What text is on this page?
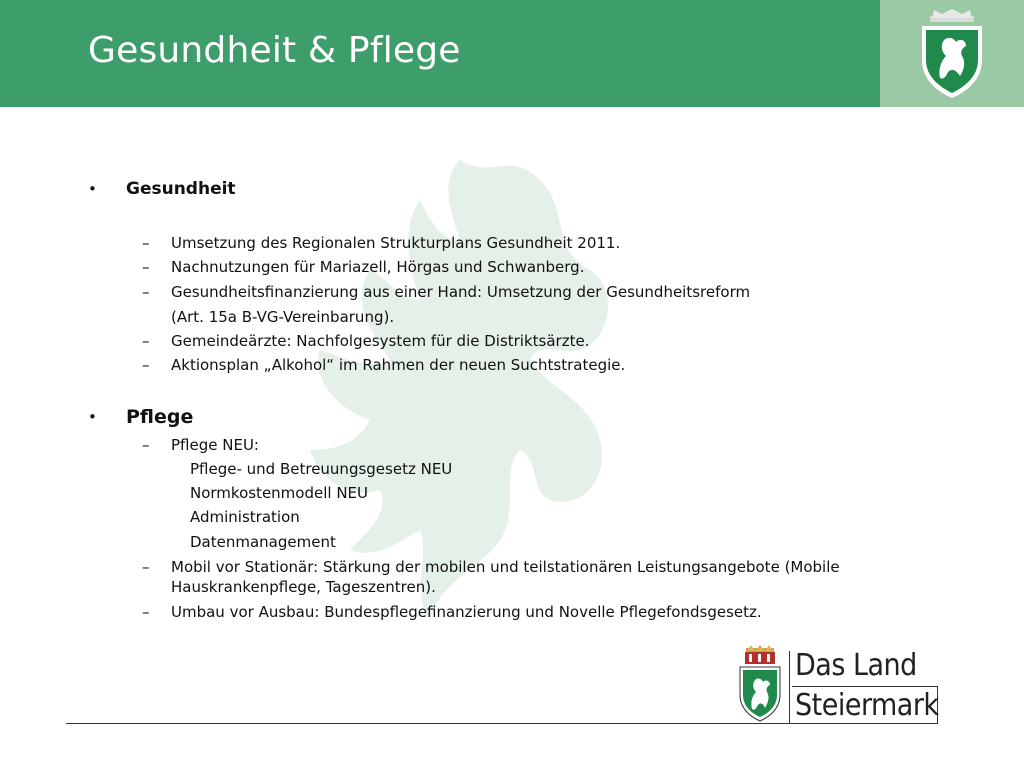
Gesundheit & Pflege
• Gesundheit
– Umsetzung des Regionalen Strukturplans Gesundheit 2011.
– Nachnutzungen für Mariazell, Hörgas und Schwanberg.
– Gesundheitsfinanzierung aus einer Hand: Umsetzung der Gesundheitsreform
(Art. 15a B-VG-Vereinbarung).
– Gemeindeärzte: Nachfolgesystem für die Distriktsärzte.
– Aktionsplan „Alkohol“ im Rahmen der neuen Suchtstrategie.
• Pflege
– Pflege NEU:
Pflege- und Betreuungsgesetz NEU
Normkostenmodell NEU
Administration
Datenmanagement
– Mobil vor Stationär: Stärkung der mobilen und teilstationären Leistungsangebote (Mobile Hauskrankenpflege, Tageszentren).
– Umbau vor Ausbau: Bundespflegefinanzierung und Novelle Pflegefondsgesetz.
Das Land
Steiermark
